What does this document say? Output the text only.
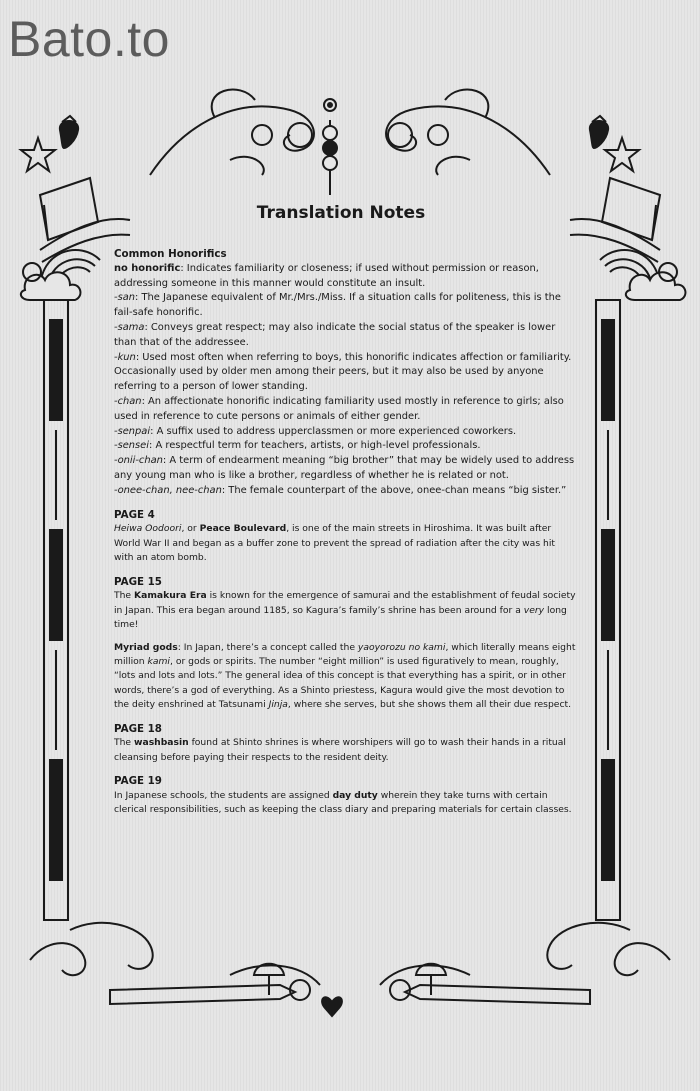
Bato.to
Translation Notes

Common Honorifics

no honorific: Indicates familiarity or closeness; if used without permission or reason, addressing someone in this manner would constitute an insult.

-san: The Japanese equivalent of Mr./Mrs./Miss. If a situation calls for politeness, this is the fail-safe honorific.

-sama: Conveys great respect; may also indicate the social status of the speaker is lower than that of the addressee.

-kun: Used most often when referring to boys, this honorific indicates affection or familiarity. Occasionally used by older men among their peers, but it may also be used by anyone referring to a person of lower standing.

-chan: An affectionate honorific indicating familiarity used mostly in reference to girls; also used in reference to cute persons or animals of either gender.

-senpai: A suffix used to address upperclassmen or more experienced coworkers.

-sensei: A respectful term for teachers, artists, or high-level professionals.

-onii-chan: A term of endearment meaning “big brother” that may be widely used to address any young man who is like a brother, regardless of whether he is related or not.

-onee-chan, nee-chan: The female counterpart of the above, onee-chan means “big sister.”

PAGE 4

Heiwa Oodoori, or Peace Boulevard, is one of the main streets in Hiroshima. It was built after World War II and began as a buffer zone to prevent the spread of radiation after the city was hit with an atom bomb.

PAGE 15

The Kamakura Era is known for the emergence of samurai and the establishment of feudal society in Japan. This era began around 1185, so Kagura’s family’s shrine has been around for a very long time!

Myriad gods: In Japan, there’s a concept called the yaoyorozu no kami, which literally means eight million kami, or gods or spirits. The number “eight million” is used figuratively to mean, roughly, “lots and lots and lots.” The general idea of this concept is that everything has a spirit, or in other words, there’s a god of everything. As a Shinto priestess, Kagura would give the most devotion to the deity enshrined at Tatsunami Jinja, where she serves, but she shows them all their due respect.

PAGE 18

The washbasin found at Shinto shrines is where worshipers will go to wash their hands in a ritual cleansing before paying their respects to the resident deity.

PAGE 19

In Japanese schools, the students are assigned day duty wherein they take turns with certain clerical responsibilities, such as keeping the class diary and preparing materials for certain classes.
